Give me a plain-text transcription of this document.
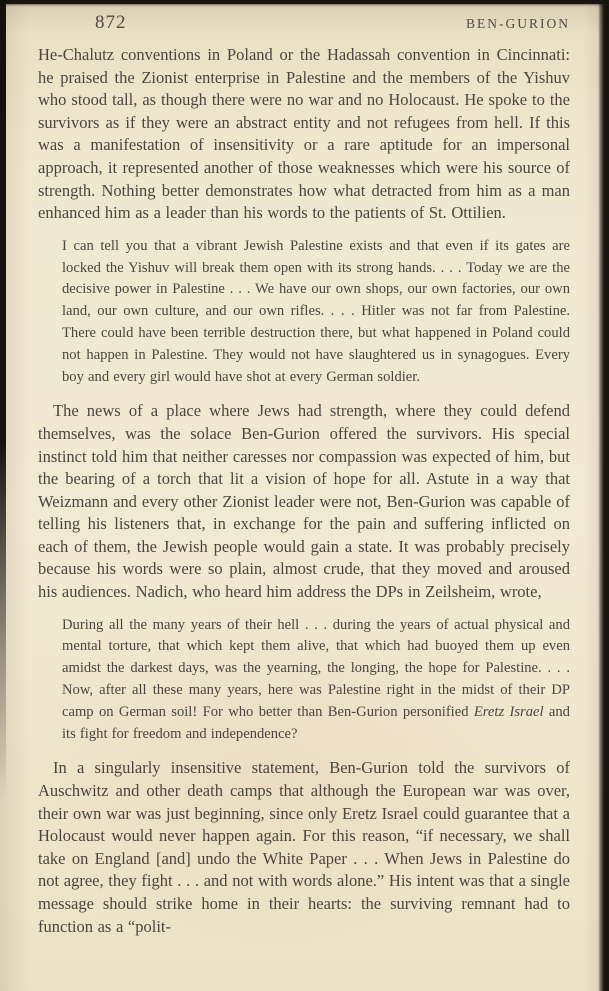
872	BEN-GURION

He-Chalutz conventions in Poland or the Hadassah convention in Cincinnati: he praised the Zionist enterprise in Palestine and the members of the Yishuv who stood tall, as though there were no war and no Holocaust. He spoke to the survivors as if they were an abstract entity and not refugees from hell. If this was a manifestation of insensitivity or a rare aptitude for an impersonal approach, it represented another of those weaknesses which were his source of strength. Nothing better demonstrates how what detracted from him as a man enhanced him as a leader than his words to the patients of St. Ottilien.

I can tell you that a vibrant Jewish Palestine exists and that even if its gates are locked the Yishuv will break them open with its strong hands. . . . Today we are the decisive power in Palestine . . . We have our own shops, our own factories, our own land, our own culture, and our own rifles. . . . Hitler was not far from Palestine. There could have been terrible destruction there, but what happened in Poland could not happen in Palestine. They would not have slaughtered us in synagogues. Every boy and every girl would have shot at every German soldier.

The news of a place where Jews had strength, where they could defend themselves, was the solace Ben-Gurion offered the survivors. His special instinct told him that neither caresses nor compassion was expected of him, but the bearing of a torch that lit a vision of hope for all. Astute in a way that Weizmann and every other Zionist leader were not, Ben-Gurion was capable of telling his listeners that, in exchange for the pain and suffering inflicted on each of them, the Jewish people would gain a state. It was probably precisely because his words were so plain, almost crude, that they moved and aroused his audiences. Nadich, who heard him address the DPs in Zeilsheim, wrote,

During all the many years of their hell . . . during the years of actual physical and mental torture, that which kept them alive, that which had buoyed them up even amidst the darkest days, was the yearning, the longing, the hope for Palestine. . . . Now, after all these many years, here was Palestine right in the midst of their DP camp on German soil! For who better than Ben-Gurion personified Eretz Israel and its fight for freedom and independence?

In a singularly insensitive statement, Ben-Gurion told the survivors of Auschwitz and other death camps that although the European war was over, their own war was just beginning, since only Eretz Israel could guarantee that a Holocaust would never happen again. For this reason, “if necessary, we shall take on England [and] undo the White Paper . . . When Jews in Palestine do not agree, they fight . . . and not with words alone.” His intent was that a single message should strike home in their hearts: the surviving remnant had to function as a “polit-
